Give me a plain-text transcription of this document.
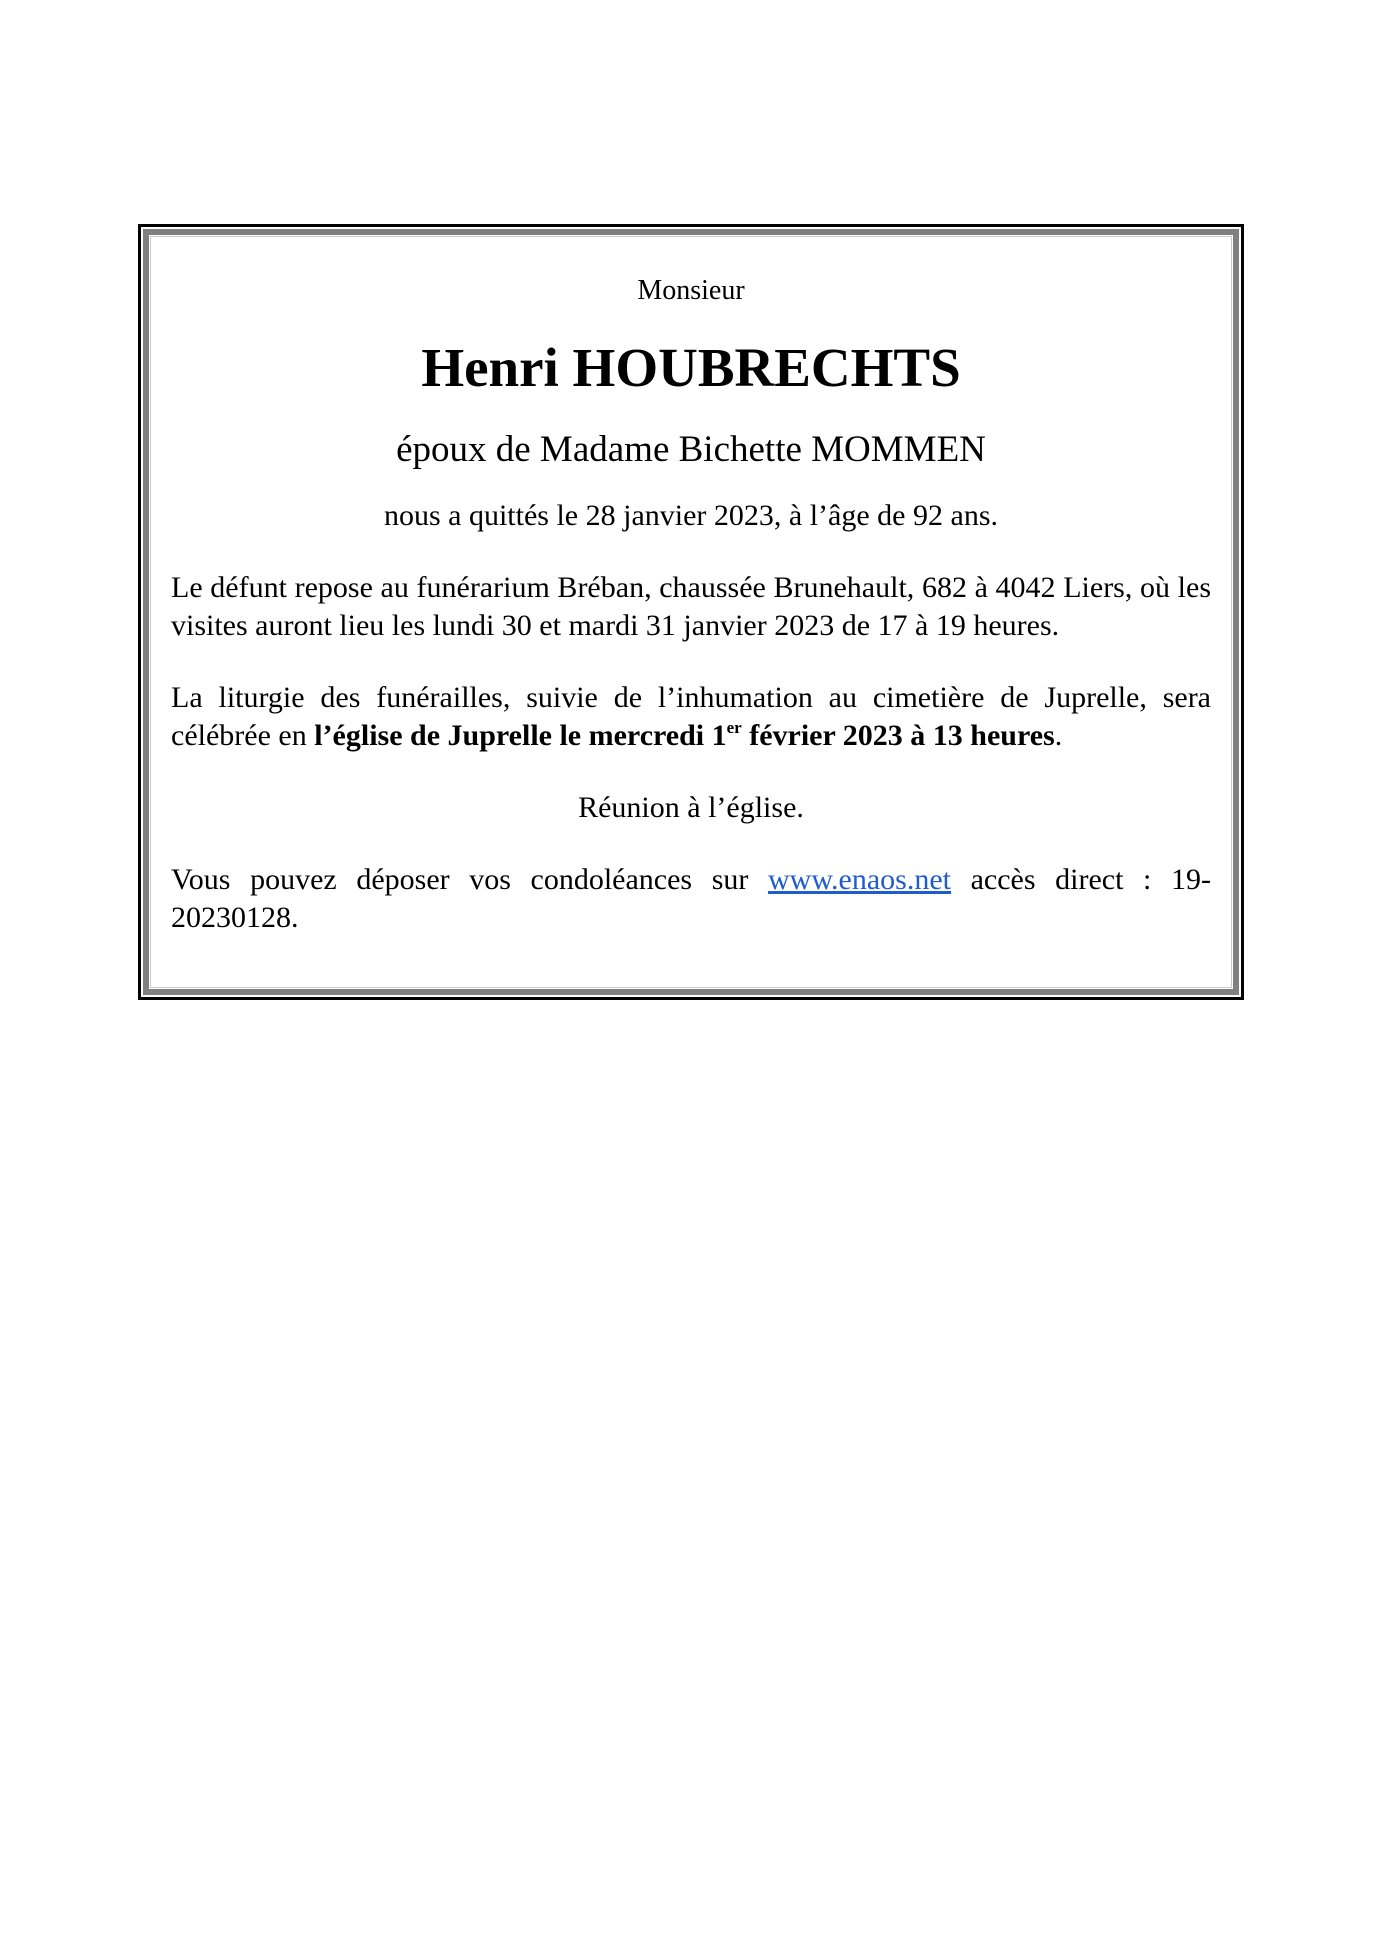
Monsieur

Henri HOUBRECHTS

époux de Madame Bichette MOMMEN

nous a quittés le 28 janvier 2023, à l’âge de 92 ans.

Le défunt repose au funérarium Bréban, chaussée Brunehault, 682 à 4042 Liers, où les visites auront lieu les lundi 30 et mardi 31 janvier 2023 de 17 à 19 heures.

La liturgie des funérailles, suivie de l’inhumation au cimetière de Juprelle, sera célébrée en l’église de Juprelle le mercredi 1er février 2023 à 13 heures.

Réunion à l’église.

Vous pouvez déposer vos condoléances sur www.enaos.net accès direct : 19-20230128.
